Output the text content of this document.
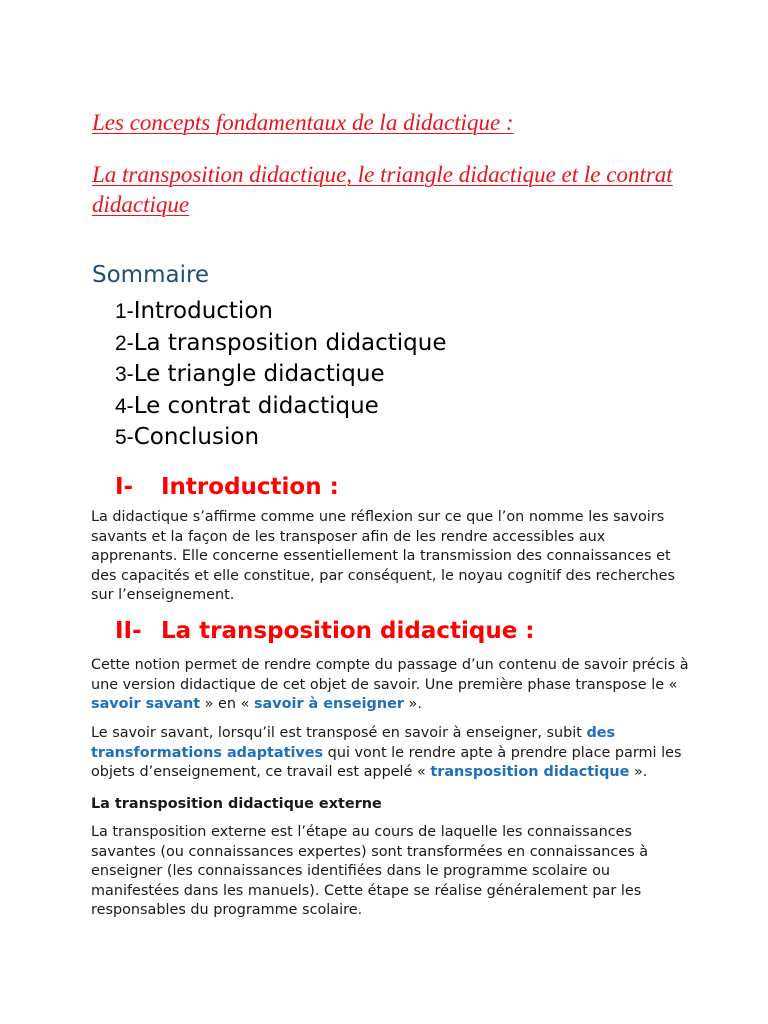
Les concepts fondamentaux de la didactique :
La transposition didactique, le triangle didactique et le contrat didactique
Sommaire
1-Introduction
2-La transposition didactique
3-Le triangle didactique
4-Le contrat didactique
5-Conclusion
I- Introduction :

La didactique s’affirme comme une réflexion sur ce que l’on nomme les savoirs savants et la façon de les transposer afin de les rendre accessibles aux apprenants. Elle concerne essentiellement la transmission des connaissances et des capacités et elle constitue, par conséquent, le noyau cognitif des recherches sur l’enseignement.

II- La transposition didactique :

Cette notion permet de rendre compte du passage d’un contenu de savoir précis à une version didactique de cet objet de savoir. Une première phase transpose le « savoir savant » en « savoir à enseigner ».

Le savoir savant, lorsqu’il est transposé en savoir à enseigner, subit des transformations adaptatives qui vont le rendre apte à prendre place parmi les objets d’enseignement, ce travail est appelé « transposition didactique ».

La transposition didactique externe

La transposition externe est l’étape au cours de laquelle les connaissances savantes (ou connaissances expertes) sont transformées en connaissances à enseigner (les connaissances identifiées dans le programme scolaire ou manifestées dans les manuels). Cette étape se réalise généralement par les responsables du programme scolaire.
